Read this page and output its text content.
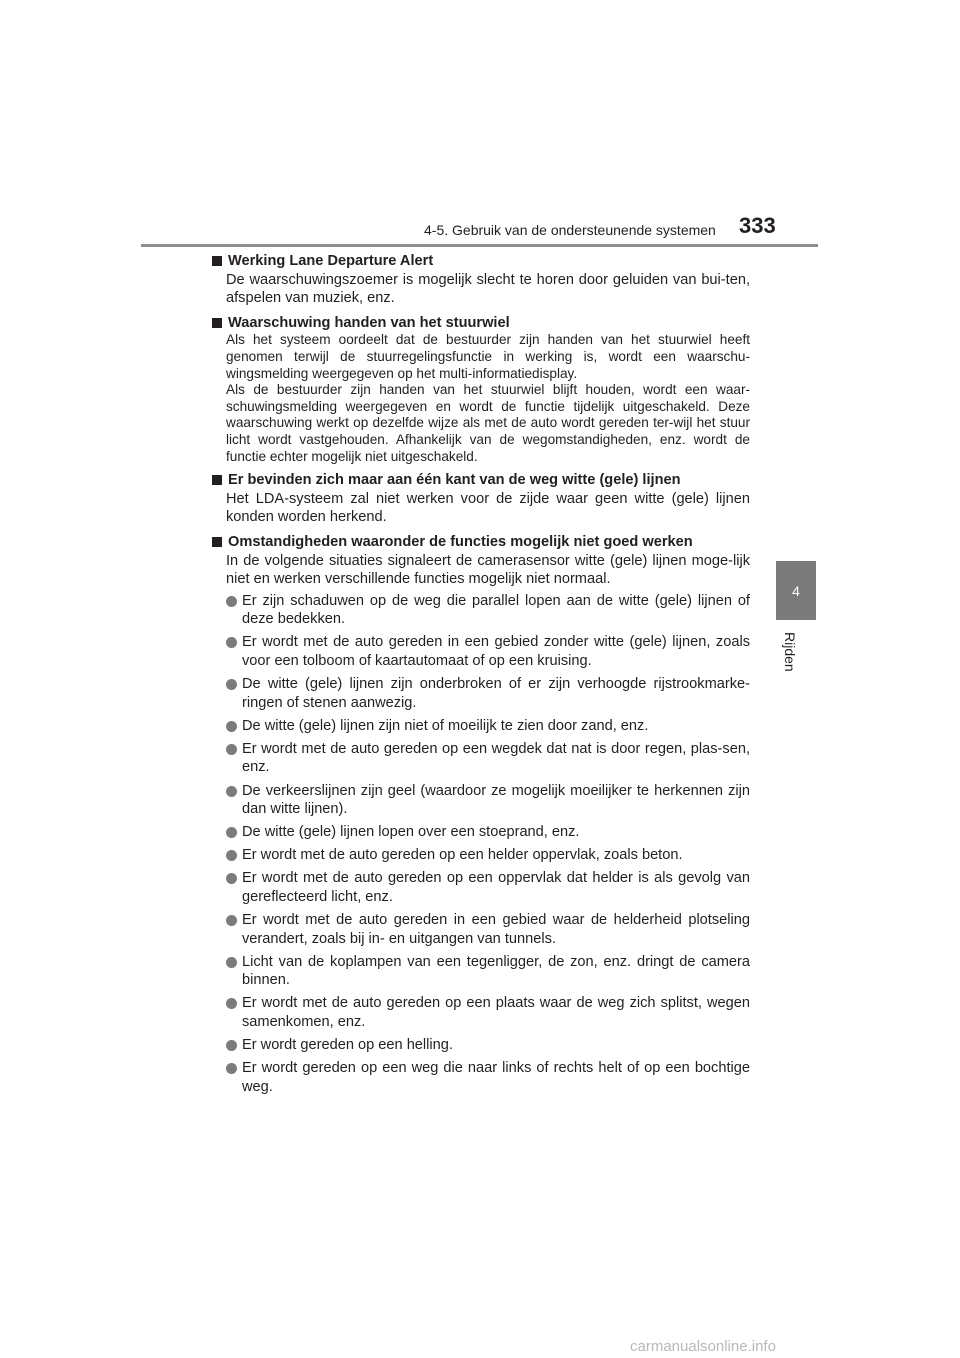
4-5. Gebruik van de ondersteunende systemen 333
4
Rijden
Werking Lane Departure Alert
De waarschuwingszoemer is mogelijk slecht te horen door geluiden van bui-ten, afspelen van muziek, enz.
Waarschuwing handen van het stuurwiel
Als het systeem oordeelt dat de bestuurder zijn handen van het stuurwiel heeft genomen terwijl de stuurregelingsfunctie in werking is, wordt een waarschu-wingsmelding weergegeven op het multi-informatiedisplay.
Als de bestuurder zijn handen van het stuurwiel blijft houden, wordt een waar-schuwingsmelding weergegeven en wordt de functie tijdelijk uitgeschakeld. Deze waarschuwing werkt op dezelfde wijze als met de auto wordt gereden ter-wijl het stuur licht wordt vastgehouden. Afhankelijk van de wegomstandigheden, enz. wordt de functie echter mogelijk niet uitgeschakeld.
Er bevinden zich maar aan één kant van de weg witte (gele) lijnen
Het LDA-systeem zal niet werken voor de zijde waar geen witte (gele) lijnen konden worden herkend.
Omstandigheden waaronder de functies mogelijk niet goed werken
In de volgende situaties signaleert de camerasensor witte (gele) lijnen moge-lijk niet en werken verschillende functies mogelijk niet normaal.
Er zijn schaduwen op de weg die parallel lopen aan de witte (gele) lijnen of deze bedekken.
Er wordt met de auto gereden in een gebied zonder witte (gele) lijnen, zoals voor een tolboom of kaartautomaat of op een kruising.
De witte (gele) lijnen zijn onderbroken of er zijn verhoogde rijstrookmarke-ringen of stenen aanwezig.
De witte (gele) lijnen zijn niet of moeilijk te zien door zand, enz.
Er wordt met de auto gereden op een wegdek dat nat is door regen, plas-sen, enz.
De verkeerslijnen zijn geel (waardoor ze mogelijk moeilijker te herkennen zijn dan witte lijnen).
De witte (gele) lijnen lopen over een stoeprand, enz.
Er wordt met de auto gereden op een helder oppervlak, zoals beton.
Er wordt met de auto gereden op een oppervlak dat helder is als gevolg van gereflecteerd licht, enz.
Er wordt met de auto gereden in een gebied waar de helderheid plotseling verandert, zoals bij in- en uitgangen van tunnels.
Licht van de koplampen van een tegenligger, de zon, enz. dringt de camera binnen.
Er wordt met de auto gereden op een plaats waar de weg zich splitst, wegen samenkomen, enz.
Er wordt gereden op een helling.
Er wordt gereden op een weg die naar links of rechts helt of op een bochtige weg.
carmanualsonline.info
